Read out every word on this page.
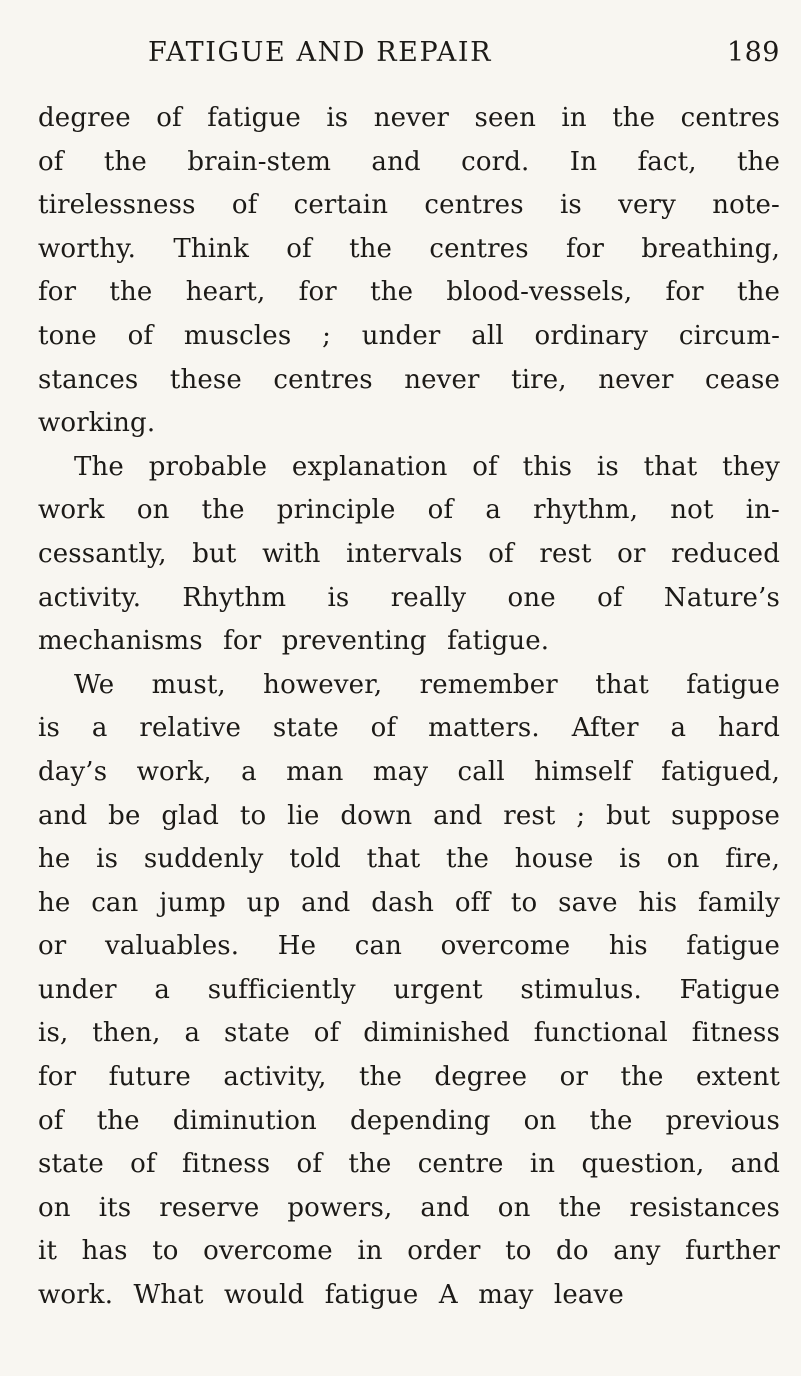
FATIGUE AND REPAIR	189
degree of fatigue is never seen in the centres
of the brain-stem and cord. In fact, the
tirelessness of certain centres is very note-
worthy. Think of the centres for breathing,
for the heart, for the blood-vessels, for the
tone of muscles ; under all ordinary circum-
stances these centres never tire, never cease
working.
The probable explanation of this is that they
work on the principle of a rhythm, not in-
cessantly, but with intervals of rest or reduced
activity. Rhythm is really one of Nature’s
mechanisms for preventing fatigue.
We must, however, remember that fatigue
is a relative state of matters. After a hard
day’s work, a man may call himself fatigued,
and be glad to lie down and rest ; but suppose
he is suddenly told that the house is on fire,
he can jump up and dash off to save his family
or valuables. He can overcome his fatigue
under a sufficiently urgent stimulus. Fatigue
is, then, a state of diminished functional fitness
for future activity, the degree or the extent
of the diminution depending on the previous
state of fitness of the centre in question, and
on its reserve powers, and on the resistances
it has to overcome in order to do any further
work. What would fatigue A may leave
